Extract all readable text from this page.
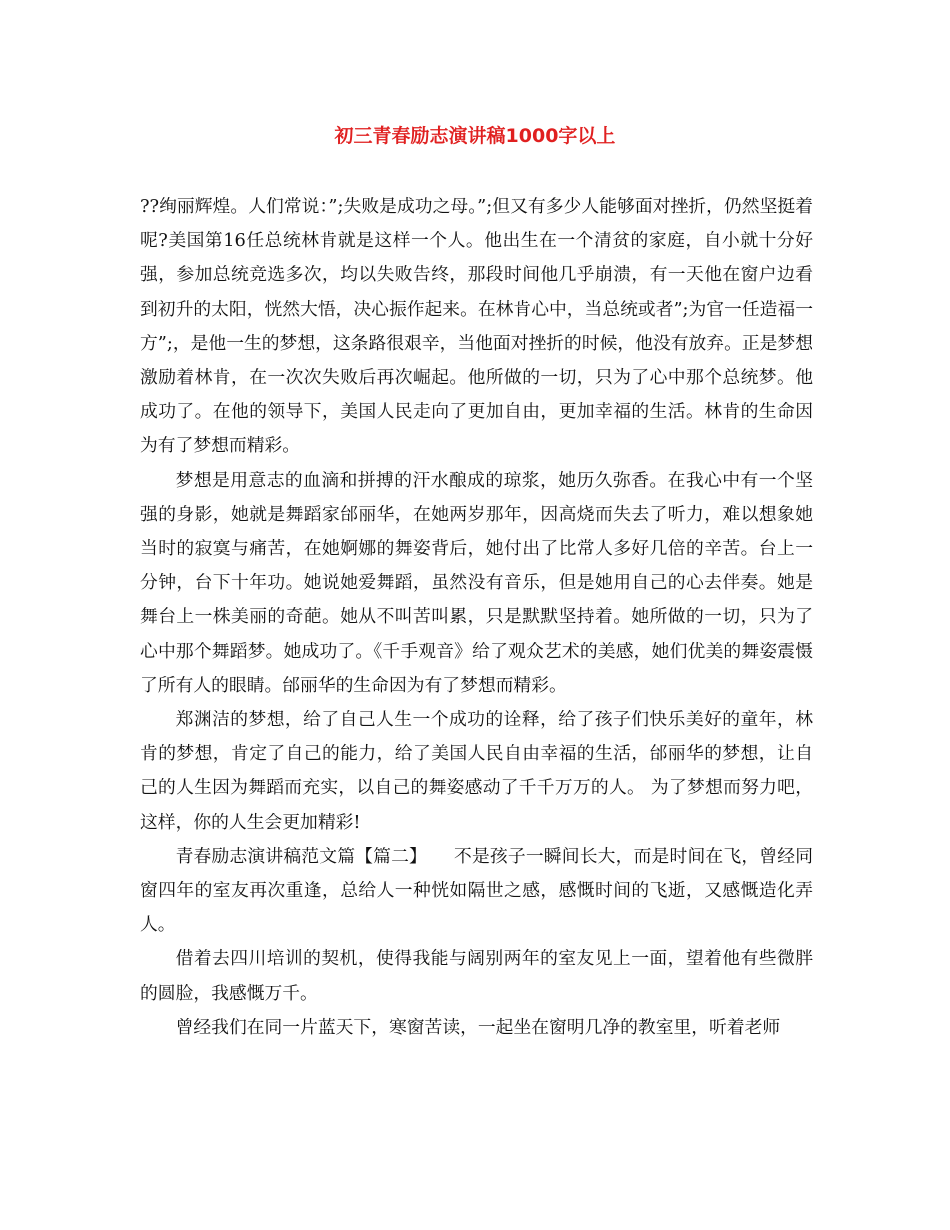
初三青春励志演讲稿1000字以上

??绚丽辉煌。人们常说：”;失败是成功之母。”;但又有多少人能够面对挫折，仍然坚挺着呢?美国第16任总统林肯就是这样一个人。他出生在一个清贫的家庭，自小就十分好强，参加总统竞选多次，均以失败告终，那段时间他几乎崩溃，有一天他在窗户边看到初升的太阳，恍然大悟，决心振作起来。在林肯心中，当总统或者”;为官一任造福一方”;，是他一生的梦想，这条路很艰辛，当他面对挫折的时候，他没有放弃。正是梦想激励着林肯，在一次次失败后再次崛起。他所做的一切，只为了心中那个总统梦。他成功了。在他的领导下，美国人民走向了更加自由，更加幸福的生活。林肯的生命因为有了梦想而精彩。

梦想是用意志的血滴和拼搏的汗水酿成的琼浆，她历久弥香。在我心中有一个坚强的身影，她就是舞蹈家邰丽华，在她两岁那年，因高烧而失去了听力，难以想象她当时的寂寞与痛苦，在她婀娜的舞姿背后，她付出了比常人多好几倍的辛苦。台上一分钟，台下十年功。她说她爱舞蹈，虽然没有音乐，但是她用自己的心去伴奏。她是舞台上一株美丽的奇葩。她从不叫苦叫累，只是默默坚持着。她所做的一切，只为了心中那个舞蹈梦。她成功了。《千手观音》给了观众艺术的美感，她们优美的舞姿震慑了所有人的眼睛。邰丽华的生命因为有了梦想而精彩。

郑渊洁的梦想，给了自己人生一个成功的诠释，给了孩子们快乐美好的童年，林肯的梦想，肯定了自己的能力，给了美国人民自由幸福的生活，邰丽华的梦想，让自己的人生因为舞蹈而充实，以自己的舞姿感动了千千万万的人。 为了梦想而努力吧，这样，你的人生会更加精彩!

青春励志演讲稿范文篇【篇二】　　不是孩子一瞬间长大，而是时间在飞，曾经同窗四年的室友再次重逢，总给人一种恍如隔世之感，感慨时间的飞逝，又感慨造化弄人。

借着去四川培训的契机，使得我能与阔别两年的室友见上一面，望着他有些微胖的圆脸，我感慨万千。

曾经我们在同一片蓝天下，寒窗苦读，一起坐在窗明几净的教室里，听着老师
